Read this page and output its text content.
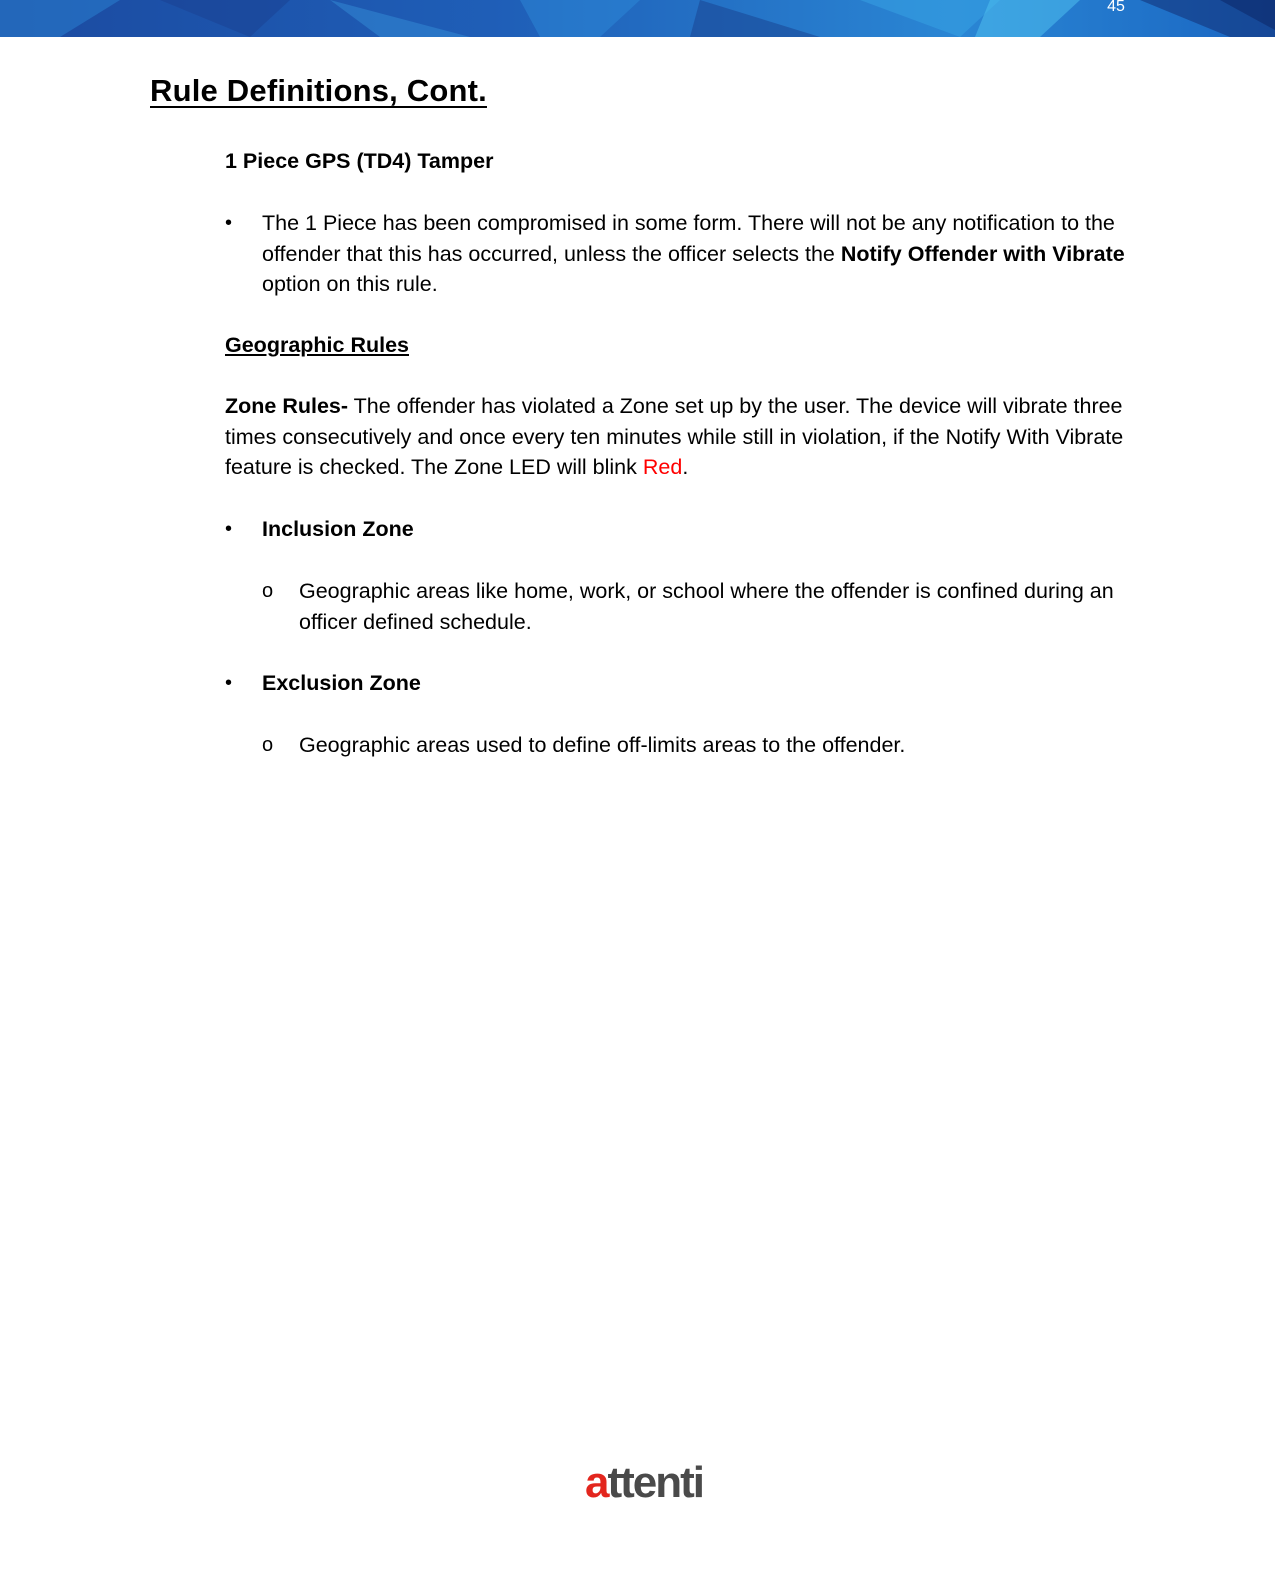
45
Rule Definitions, Cont.
1 Piece GPS (TD4) Tamper
•	The 1 Piece has been compromised in some form. There will not be any notification to the offender that this has occurred, unless the officer selects the Notify Offender with Vibrate option on this rule.
Geographic Rules
Zone Rules- The offender has violated a Zone set up by the user. The device will vibrate three times consecutively and once every ten minutes while still in violation, if the Notify With Vibrate feature is checked. The Zone LED will blink Red.
•	Inclusion Zone
o Geographic areas like home, work, or school where the offender is confined during an officer defined schedule.
•	Exclusion Zone
o Geographic areas used to define off-limits areas to the offender.
attenti
